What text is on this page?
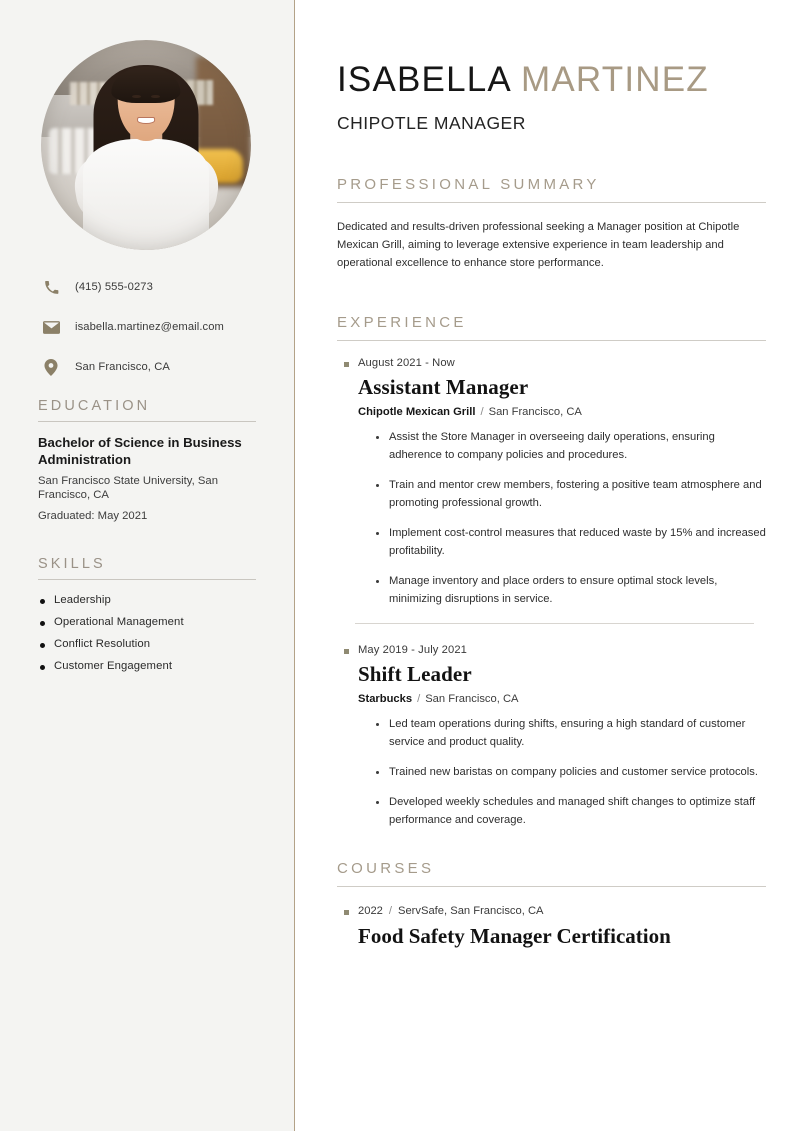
(415) 555-0273
isabella.martinez@email.com
San Francisco, CA
EDUCATION
Bachelor of Science in Business Administration
San Francisco State University, San Francisco, CA
Graduated: May 2021
SKILLS
Leadership
Operational Management
Conflict Resolution
Customer Engagement
ISABELLA MARTINEZ
CHIPOTLE MANAGER
PROFESSIONAL SUMMARY

Dedicated and results-driven professional seeking a Manager position at Chipotle Mexican Grill, aiming to leverage extensive experience in team leadership and operational excellence to enhance store performance.

EXPERIENCE
August 2021 - Now
Assistant Manager
Chipotle Mexican Grill / San Francisco, CA
Assist the Store Manager in overseeing daily operations, ensuring adherence to company policies and procedures.
Train and mentor crew members, fostering a positive team atmosphere and promoting professional growth.
Implement cost-control measures that reduced waste by 15% and increased profitability.
Manage inventory and place orders to ensure optimal stock levels, minimizing disruptions in service.
May 2019 - July 2021
Shift Leader
Starbucks / San Francisco, CA
Led team operations during shifts, ensuring a high standard of customer service and product quality.
Trained new baristas on company policies and customer service protocols.
Developed weekly schedules and managed shift changes to optimize staff performance and coverage.
COURSES
2022 / ServSafe, San Francisco, CA
Food Safety Manager Certification
